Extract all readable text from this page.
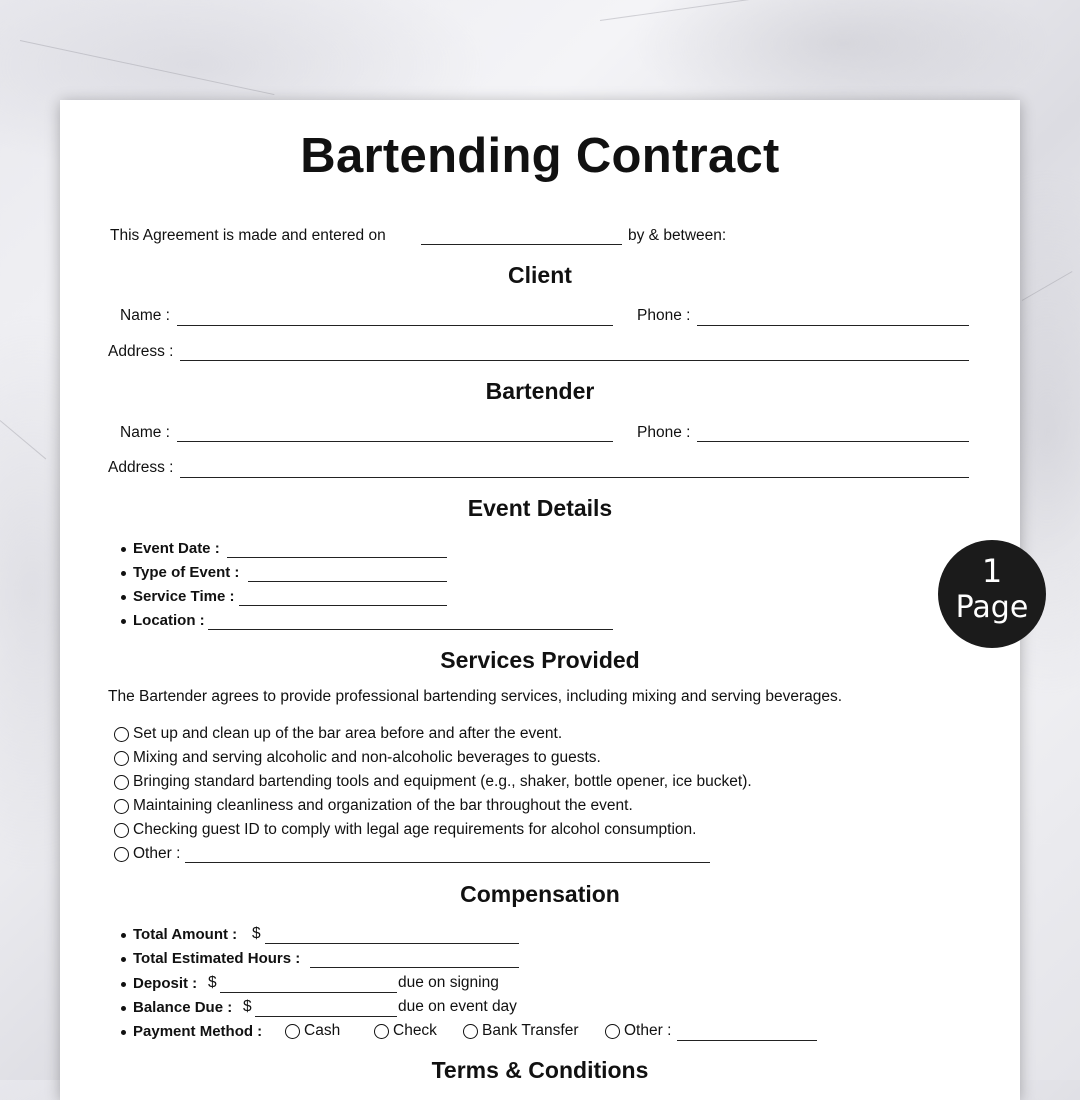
Bartending Contract
This Agreement is made and entered on	by & between:
Client
Name :	Phone :
Address :
Bartender
Name :	Phone :
Address :
Event Details
Event Date :
Type of Event :
Service Time :
Location :
Services Provided
The Bartender agrees to provide professional bartending services, including mixing and serving beverages.
Set up and clean up of the bar area before and after the event.
Mixing and serving alcoholic and non-alcoholic beverages to guests.
Bringing standard bartending tools and equipment (e.g., shaker, bottle opener, ice bucket).
Maintaining cleanliness and organization of the bar throughout the event.
Checking guest ID to comply with legal age requirements for alcohol consumption.
Other :
Compensation
Total Amount : $
Total Estimated Hours :
Deposit : $	due on signing
Balance Due : $	due on event day
Payment Method :	Cash	Check	Bank Transfer	Other :
Terms & Conditions
1
Page
